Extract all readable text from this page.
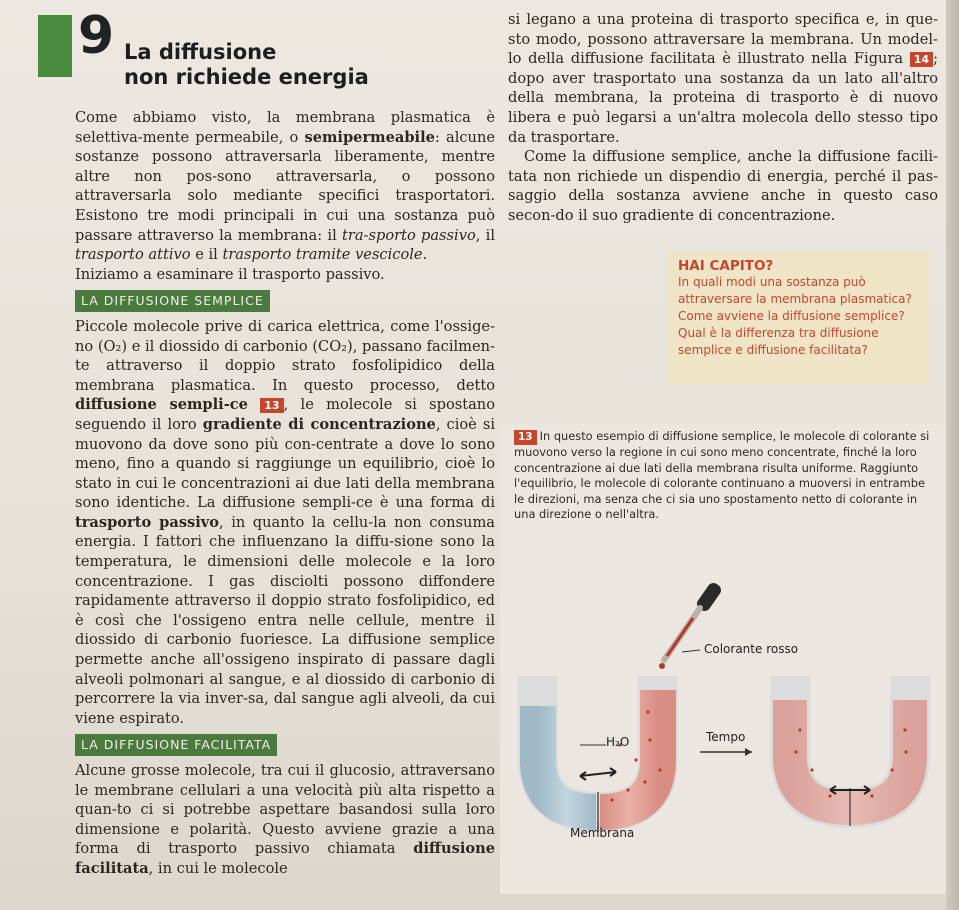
9 La diffusione
non richiede energia

Come abbiamo visto, la membrana plasmatica è selettiva-mente permeabile, o semipermeabile: alcune sostanze possono attraversarla liberamente, mentre altre non pos-sono attraversarla, o possono attraversarla solo mediante specifici trasportatori. Esistono tre modi principali in cui una sostanza può passare attraverso la membrana: il tra-sporto passivo, il trasporto attivo e il trasporto tramite vescicole.

Iniziamo a esaminare il trasporto passivo.

LA DIFFUSIONE SEMPLICE

Piccole molecole prive di carica elettrica, come l'ossige-no (O₂) e il diossido di carbonio (CO₂), passano facilmen-te attraverso il doppio strato fosfolipidico della membrana plasmatica. In questo processo, detto diffusione sempli-ce 13 , le molecole si spostano seguendo il loro gradiente di concentrazione, cioè si muovono da dove sono più con-centrate a dove lo sono meno, fino a quando si raggiunge un equilibrio, cioè lo stato in cui le concentrazioni ai due lati della membrana sono identiche. La diffusione sempli-ce è una forma di trasporto passivo, in quanto la cellu-la non consuma energia. I fattori che influenzano la diffu-sione sono la temperatura, le dimensioni delle molecole e la loro concentrazione. I gas disciolti possono diffondere rapidamente attraverso il doppio strato fosfolipidico, ed è così che l'ossigeno entra nelle cellule, mentre il diossido di carbonio fuoriesce. La diffusione semplice permette anche all'ossigeno inspirato di passare dagli alveoli polmonari al sangue, e al diossido di carbonio di percorrere la via inver-sa, dal sangue agli alveoli, da cui viene espirato.

LA DIFFUSIONE FACILITATA

Alcune grosse molecole, tra cui il glucosio, attraversano le membrane cellulari a una velocità più alta rispetto a quan-to ci si potrebbe aspettare basandosi sulla loro dimensione e polarità. Questo avviene grazie a una forma di trasporto passivo chiamata diffusione facilitata, in cui le molecole

si legano a una proteina di trasporto specifica e, in que-sto modo, possono attraversare la membrana. Un model-lo della diffusione facilitata è illustrato nella Figura 14 ; dopo aver trasportato una sostanza da un lato all'altro della membrana, la proteina di trasporto è di nuovo libera e può legarsi a un'altra molecola dello stesso tipo da trasportare.

Come la diffusione semplice, anche la diffusione facili-tata non richiede un dispendio di energia, perché il pas-saggio della sostanza avviene anche in questo caso secon-do il suo gradiente di concentrazione.

HAI CAPITO?
In quali modi una sostanza può attraversare la membrana plasmatica?
Come avviene la diffusione semplice?
Qual è la differenza tra diffusione semplice e diffusione facilitata?
13 In questo esempio di diffusione semplice, le molecole di colorante si muovono verso la regione in cui sono meno concentrate, finché la loro concentrazione ai due lati della membrana risulta uniforme. Raggiunto l'equilibrio, le molecole di colorante continuano a muoversi in entrambe le direzioni, ma senza che ci sia uno spostamento netto di colorante in una direzione o nell'altra.
Colorante rosso
H₂O	Tempo
Membrana
